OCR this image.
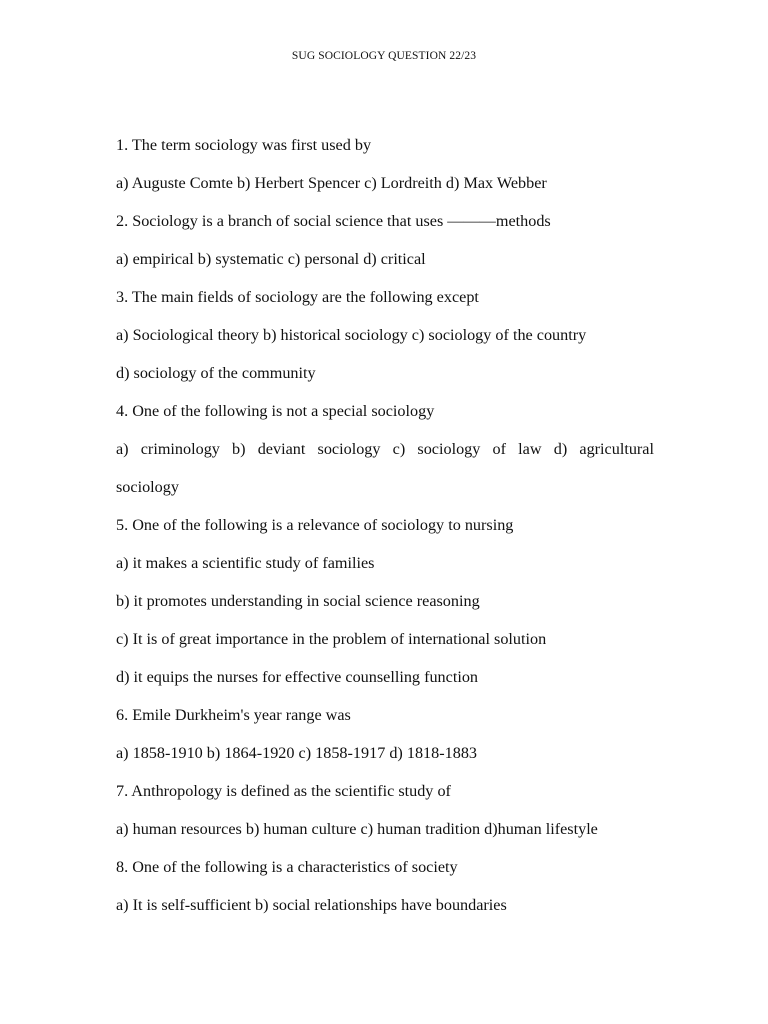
SUG SOCIOLOGY QUESTION 22/23
1. The term sociology was first used by
a) Auguste Comte b) Herbert Spencer c) Lordreith d) Max Webber
2. Sociology is a branch of social science that uses ———methods
a) empirical b) systematic c) personal d) critical
3. The main fields of sociology are the following except
a) Sociological theory b) historical sociology c) sociology of the country
d) sociology of the community
4. One of the following is not a special sociology
a) criminology b) deviant sociology c) sociology of law d) agricultural
sociology
5. One of the following is a relevance of sociology to nursing
a) it makes a scientific study of families
b) it promotes understanding in social science reasoning
c) It is of great importance in the problem of international solution
d) it equips the nurses for effective counselling function
6. Emile Durkheim's year range was
a) 1858-1910 b) 1864-1920 c) 1858-1917 d) 1818-1883
7. Anthropology is defined as the scientific study of
a) human resources b) human culture c) human tradition d)human lifestyle
8. One of the following is a characteristics of society
a) It is self-sufficient b) social relationships have boundaries
